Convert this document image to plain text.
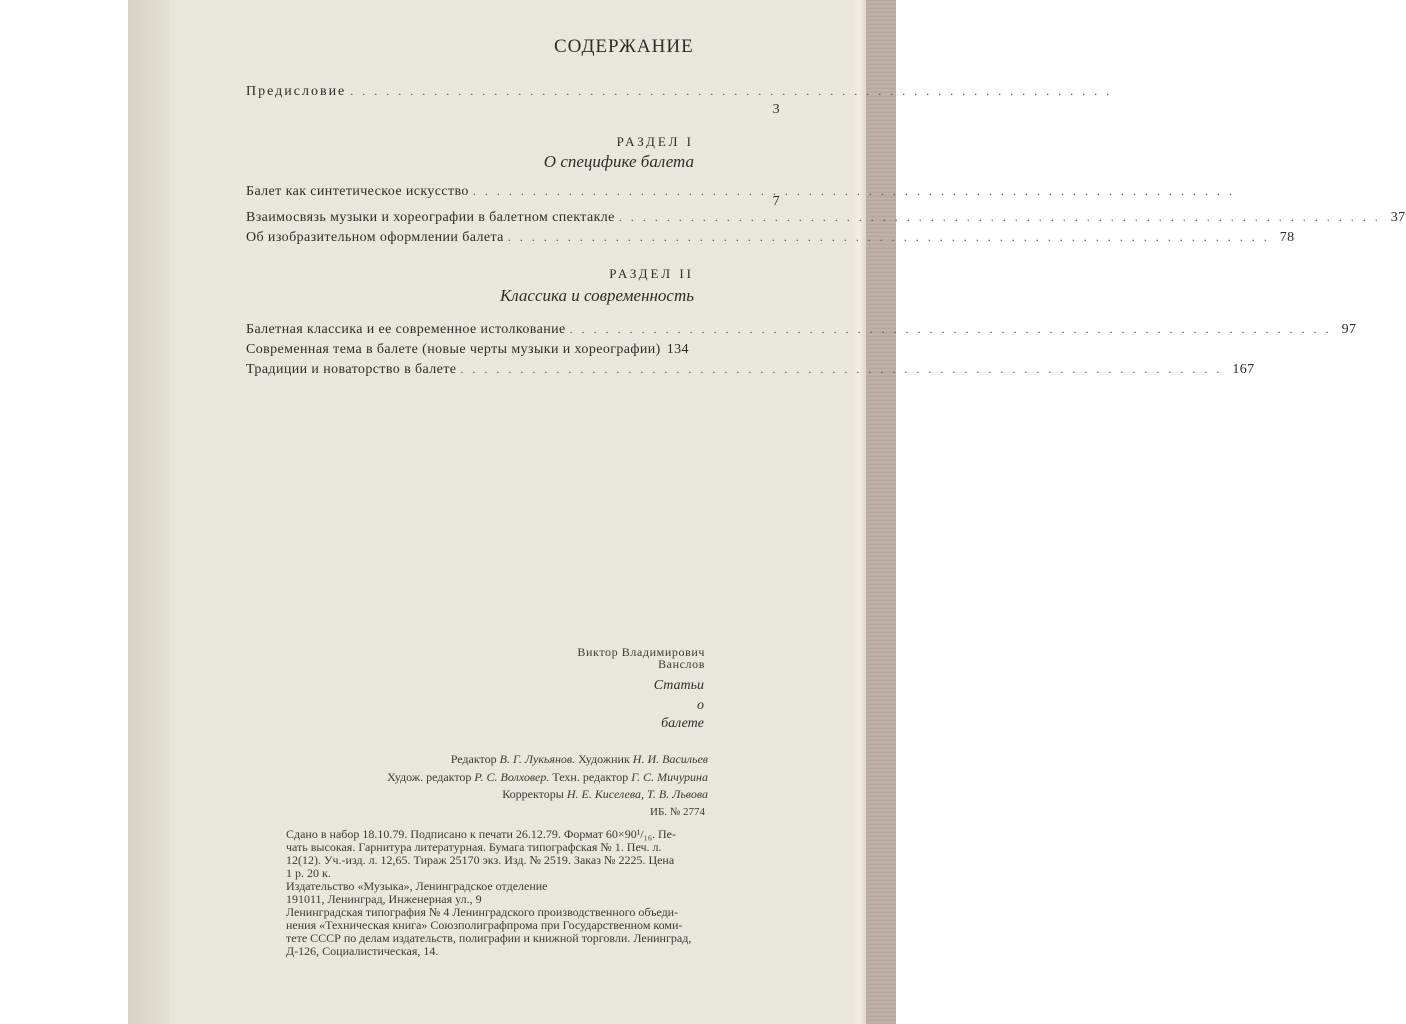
СОДЕРЖАНИЕ
Предисловие ................................................................
3
РАЗДЕЛ I
О специфике балета
Балет как синтетическое искусство ................................................................
7
Взаимосвязь музыки и хореографии в балетном спектакле ................................................................ 37
Об изобразительном оформлении балета ................................................................ 78
РАЗДЕЛ II
Классика и современность
Балетная классика и ее современное истолкование ................................................................ 97
Современная тема в балете (новые черты музыки и хореографии) 134
Традиции и новаторство в балете ................................................................ 167
Виктор Владимирович
Ванслов
Статьи
о
балете
Редактор В. Г. Лукьянов. Художник Н. И. Васильев
Худож. редактор Р. С. Волховер. Техн. редактор Г. С. Мичурина
Корректоры Н. Е. Киселева, Т. В. Львова
ИБ. № 2774
Сдано в набор 18.10.79. Подписано к печати 26.12.79. Формат 60×90¹/₁₆. Пе-
чать высокая. Гарнитура литературная. Бумага типографская № 1. Печ. л.
12(12). Уч.-изд. л. 12,65. Тираж 25170 экз. Изд. № 2519. Заказ № 2225. Цена
1 р. 20 к.
Издательство «Музыка», Ленинградское отделение
191011, Ленинград, Инженерная ул., 9
Ленинградская типография № 4 Ленинградского производственного объеди-
нения «Техническая книга» Союзполиграфпрома при Государственном коми-
тете СССР по делам издательств, полиграфии и книжной торговли. Ленинград,
Д-126, Социалистическая, 14.
